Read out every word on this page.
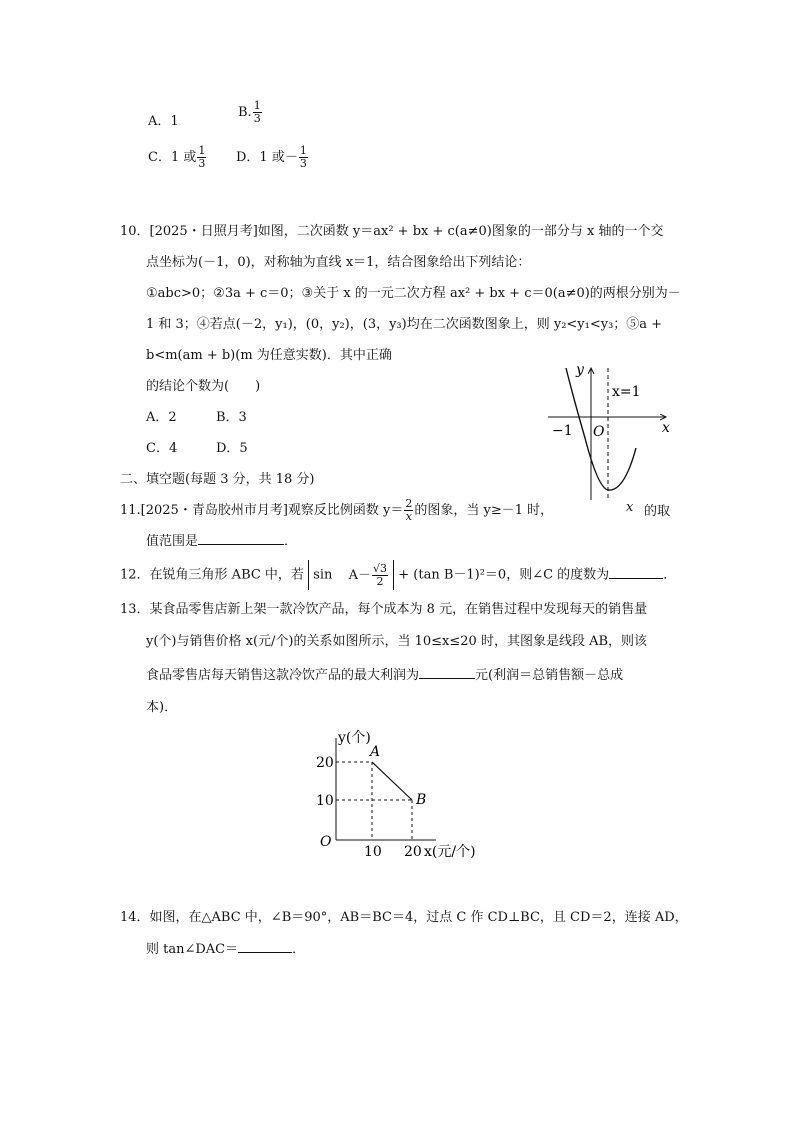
A．1
B. $\frac{1}{3}$
C．1 或 $\frac{1}{3}$ D．1 或－ $\frac{1}{3}$
10．[2025・日照月考]如图，二次函数 y＝ax² + bx + c(a≠0)图象的一部分与 x 轴的一个交
点坐标为(－1，0)，对称轴为直线 x＝1，结合图象给出下列结论：
①abc>0；②3a + c＝0；③关于 x 的一元二次方程 ax² + bx + c＝0(a≠0)的两根分别为－
1 和 3；④若点(－2，y₁)，(0，y₂)，(3，y₃)均在二次函数图象上，则 y₂<y₁<y₃；⑤a +
b<m(am + b)(m 为任意实数)．其中正确
的结论个数为(　　)
A．2	B．3
C．4	D．5
y
x
x=1
−1 O
二、填空题(每题 3 分，共 18 分)
11.[2025・青岛胶州市月考]观察反比例函数 $y= \frac{2}{x}$ 的图象，当 y≥－1 时，	x 的取
值范围是	．
12．在锐角三角形 ABC 中，若 $\sin A- \frac{√3}{2} + (\tan$ B－1)²＝0，则∠C 的度数为	．
13．某食品零售店新上架一款冷饮产品，每个成本为 8 元，在销售过程中发现每天的销售量
y(个)与销售价格 x(元/个)的关系如图所示，当 10≤x≤20 时，其图象是线段 AB，则该
食品零售店每天销售这款冷饮产品的最大利润为	元(利润＝总销售额－总成
本)．
y(个)
x(元/个)
O
20
10
10 20
A
B
14．如图，在△ABC 中，∠B＝90°，AB＝BC＝4，过点 C 作 CD⊥BC，且 CD＝2，连接 AD，
则 tan∠DAC＝	．
